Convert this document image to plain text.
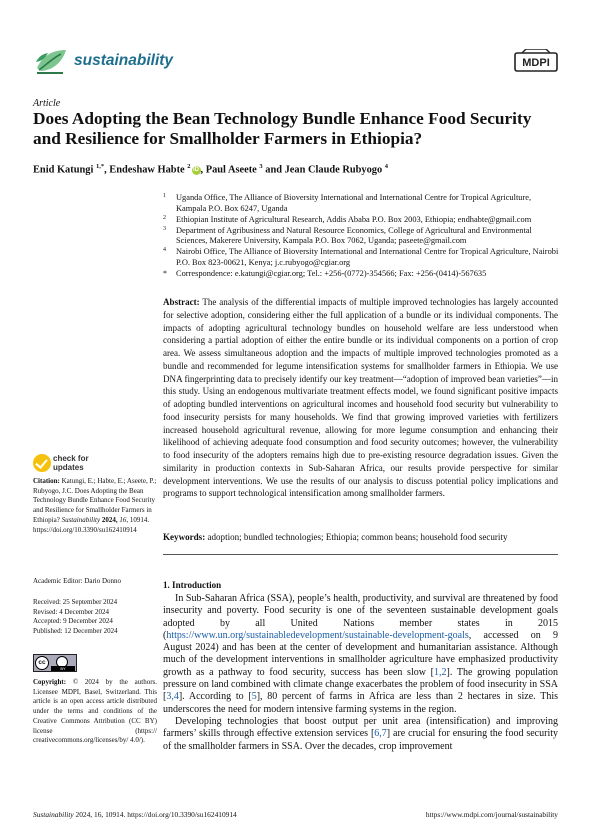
sustainability	MDPI
Article
Does Adopting the Bean Technology Bundle Enhance Food Security and Resilience for Smallholder Farmers in Ethiopia?
Enid Katungi $^{1,*}$, Endeshaw Habte $^2$iD , Paul Aseete $^3$ and Jean Claude Rubyogo $^4$
1 Uganda Office, The Alliance of Bioversity International and International Centre for Tropical Agriculture, Kampala P.O. Box 6247, Uganda
2 Ethiopian Institute of Agricultural Research, Addis Ababa P.O. Box 2003, Ethiopia; endhabte@gmail.com
3 Department of Agribusiness and Natural Resource Economics, College of Agricultural and Environmental Sciences, Makerere University, Kampala P.O. Box 7062, Uganda; paseete@gmail.com
4 Nairobi Office, The Alliance of Bioversity International and International Centre for Tropical Agriculture, Nairobi P.O. Box 823-00621, Kenya; j.c.rubyogo@cgiar.org
* Correspondence: e.katungi@cgiar.org; Tel.: +256-(0772)-354566; Fax: +256-(0414)-567635
Abstract: The analysis of the differential impacts of multiple improved technologies has largely accounted for selective adoption, considering either the full application of a bundle or its individual components. The impacts of adopting agricultural technology bundles on household welfare are less understood when considering a partial adoption of either the entire bundle or its individual components on a portion of crop area. We assess simultaneous adoption and the impacts of multiple improved technologies promoted as a bundle and recommended for legume intensification systems for smallholder farmers in Ethiopia. We use DNA fingerprinting data to precisely identify our key treatment—“adoption of improved bean varieties”—in this study. Using an endogenous multivariate treatment effects model, we found significant positive impacts of adopting bundled interventions on agricultural incomes and household food security but vulnerability to food insecurity persists for many households. We find that growing improved varieties with fertilizers increased household agricultural revenue, allowing for more legume consumption and enhancing their likelihood of achieving adequate food consumption and food security outcomes; however, the vulnerability to food insecurity of the adopters remains high due to pre-existing resource degradation issues. Given the similarity in production contexts in Sub-Saharan Africa, our results provide perspective for similar development interventions. We use the results of our analysis to discuss potential policy implications and programs to support technological intensification among smallholder farmers.
Keywords: adoption; bundled technologies; Ethiopia; common beans; household food security
check for
updates
Citation: Katungi, E.; Habte, E.; Aseete, P.; Rubyogo, J.C. Does Adopting the Bean Technology Bundle Enhance Food Security and Resilience for Smallholder Farmers in Ethiopia? Sustainability 2024, 16, 10914. https://doi.org/10.3390/su162410914
Academic Editor: Dario Donno
Received: 25 September 2024
Revised: 4 December 2024
Accepted: 9 December 2024
Published: 12 December 2024
cc
BY
Copyright: © 2024 by the authors. Licensee MDPI, Basel, Switzerland. This article is an open access article distributed under the terms and conditions of the Creative Commons Attribution (CC BY) license (https:// creativecommons.org/licenses/by/ 4.0/).
1. Introduction

In Sub-Saharan Africa (SSA), people’s health, productivity, and survival are threatened by food insecurity and poverty. Food security is one of the seventeen sustainable development goals adopted by all United Nations member states in 2015 (https://www.un.org/sustainabledevelopment/sustainable-development-goals, accessed on 9 August 2024) and has been at the center of development and humanitarian assistance. Although much of the development interventions in smallholder agriculture have emphasized productivity growth as a pathway to food security, success has been slow [1,2]. The growing population pressure on land combined with climate change exacerbates the problem of food insecurity in SSA [3,4]. According to [5], 80 percent of farms in Africa are less than 2 hectares in size. This underscores the need for modern intensive farming systems in the region.

Developing technologies that boost output per unit area (intensification) and improving farmers’ skills through effective extension services [6,7] are crucial for ensuring the food security of the smallholder farmers in SSA. Over the decades, crop improvement

Sustainability 2024, 16, 10914. https://doi.org/10.3390/su162410914	https://www.mdpi.com/journal/sustainability
